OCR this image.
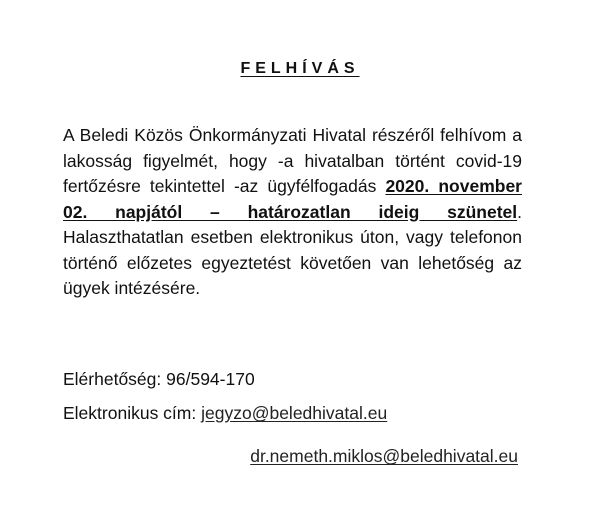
FELHÍVÁS
A Beledi Közös Önkormányzati Hivatal részéről felhívom a lakosság figyelmét, hogy -a hivatalban történt covid-19 fertőzésre tekintettel -az ügyfélfogadás 2020. november 02. napjától – határozatlan ideig szünetel. Halaszthatatlan esetben elektronikus úton, vagy telefonon történő előzetes egyeztetést követően van lehetőség az ügyek intézésére.
Elérhetőség: 96/594-170
Elektronikus cím: jegyzo@beledhivatal.eu
dr.nemeth.miklos@beledhivatal.eu
